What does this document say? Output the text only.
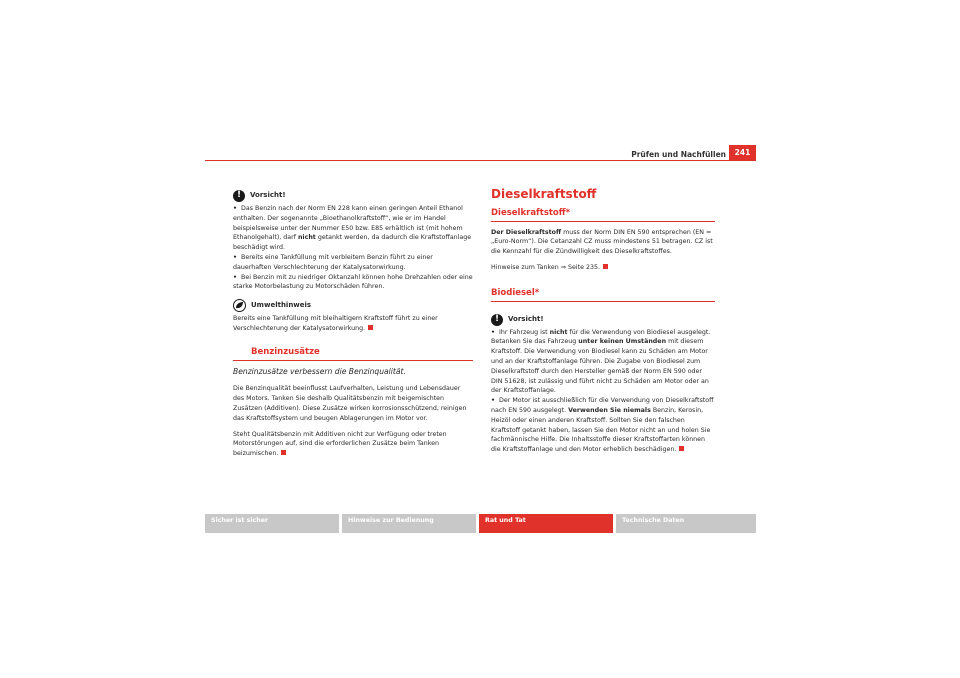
Prüfen und Nachfüllen	241
!	Vorsicht!

• Das Benzin nach der Norm EN 228 kann einen geringen Anteil Ethanol enthalten. Der sogenannte „Bioethanolkraftstoff“, wie er im Handel beispielsweise unter der Nummer E50 bzw. E85 erhältlich ist (mit hohem Ethanolgehalt), darf nicht getankt werden, da dadurch die Kraftstoffanlage beschädigt wird.

• Bereits eine Tankfüllung mit verbleitem Benzin führt zu einer dauerhaften Verschlechterung der Katalysatorwirkung.

• Bei Benzin mit zu niedriger Oktanzahl können hohe Drehzahlen oder eine starke Motorbelastung zu Motorschäden führen.

Umwelthinweis

Bereits eine Tankfüllung mit bleihaltigem Kraftstoff führt zu einer Verschlechterung der Katalysatorwirkung.

Benzinzusätze
Benzinzusätze verbessern die Benzinqualität.

Die Benzinqualität beeinflusst Laufverhalten, Leistung und Lebensdauer des Motors. Tanken Sie deshalb Qualitätsbenzin mit beigemischten Zusätzen (Additiven). Diese Zusätze wirken korrosionsschützend, reinigen das Kraftstoffsystem und beugen Ablagerungen im Motor vor.

Steht Qualitätsbenzin mit Additiven nicht zur Verfügung oder treten Motorstörungen auf, sind die erforderlichen Zusätze beim Tanken beizumischen.

Dieselkraftstoff
Dieselkraftstoff*

Der Dieselkraftstoff muss der Norm DIN EN 590 entsprechen (EN = „Euro-Norm“). Die Cetanzahl CZ muss mindestens 51 betragen. CZ ist die Kennzahl für die Zündwilligkeit des Dieselkraftstoffes.

Hinweise zum Tanken ⇒ Seite 235.

Biodiesel*
!	Vorsicht!

• Ihr Fahrzeug ist nicht für die Verwendung von Biodiesel ausgelegt. Betanken Sie das Fahrzeug unter keinen Umständen mit diesem Kraftstoff. Die Verwendung von Biodiesel kann zu Schäden am Motor und an der Kraftstoffanlage führen. Die Zugabe von Biodiesel zum Dieselkraftstoff durch den Hersteller gemäß der Norm EN 590 oder DIN 51628, ist zulässig und führt nicht zu Schäden am Motor oder an der Kraftstoffanlage.

• Der Motor ist ausschließlich für die Verwendung von Dieselkraftstoff nach EN 590 ausgelegt. Verwenden Sie niemals Benzin, Kerosin, Heizöl oder einen anderen Kraftstoff. Sollten Sie den falschen Kraftstoff getankt haben, lassen Sie den Motor nicht an und holen Sie fachmännische Hilfe. Die Inhaltsstoffe dieser Kraftstoffarten können die Kraftstoffanlage und den Motor erheblich beschädigen.

Sicher ist sicher	Hinweise zur Bedienung	Rat und Tat	Technische Daten
